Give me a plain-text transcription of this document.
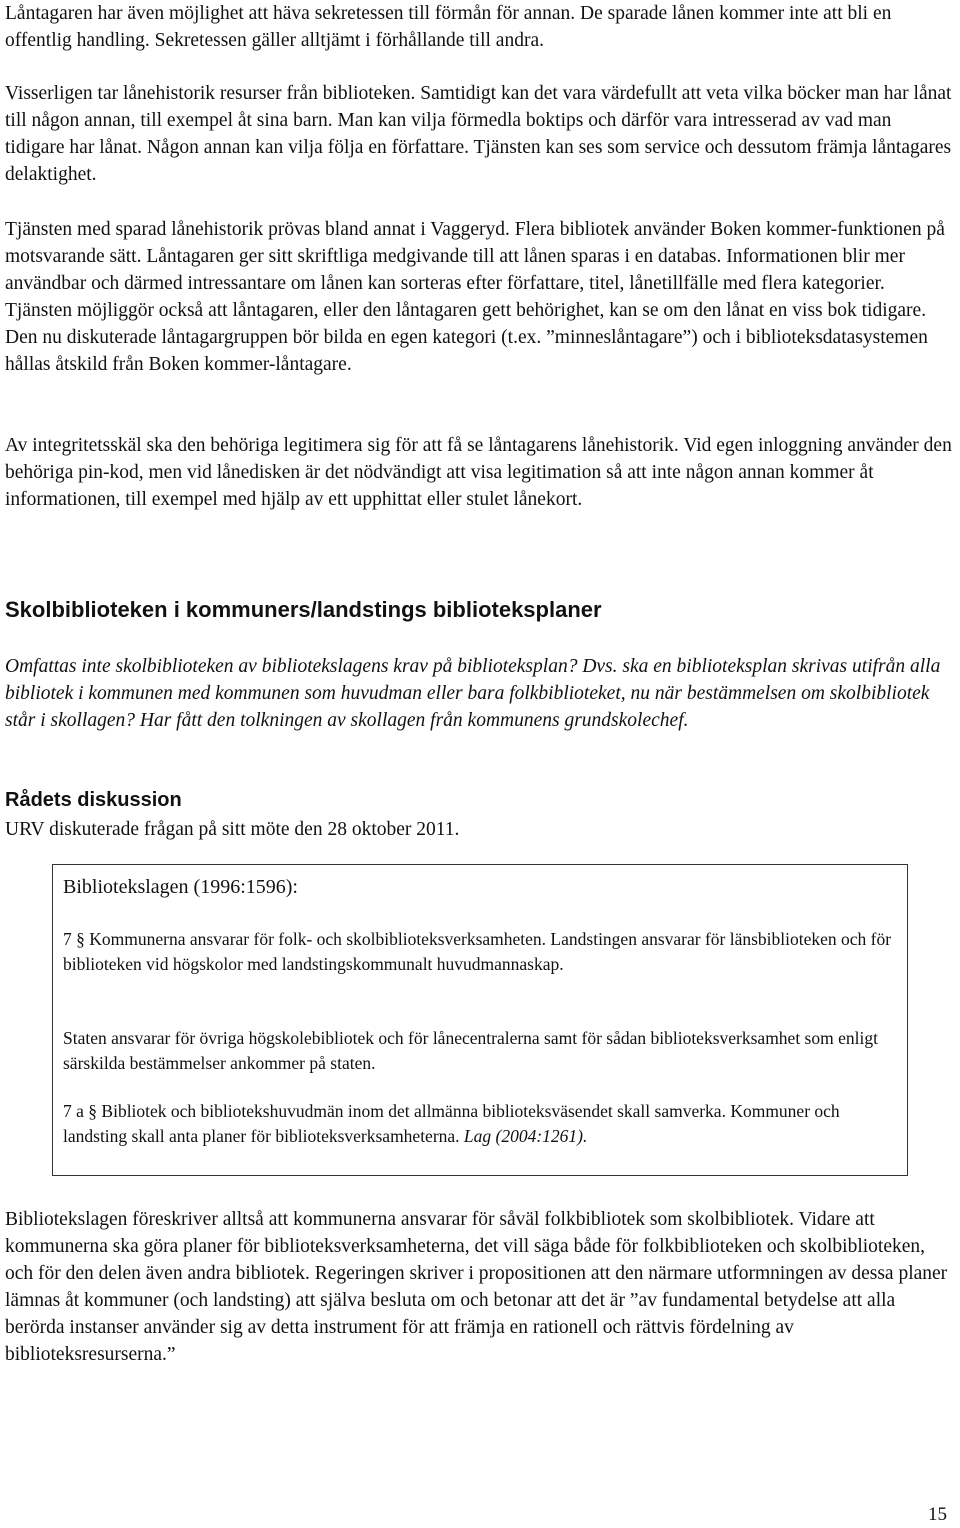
Låntagaren har även möjlighet att häva sekretessen till förmån för annan. De sparade lånen kommer inte att bli en offentlig handling. Sekretessen gäller alltjämt i förhållande till andra.

Visserligen tar lånehistorik resurser från biblioteken. Samtidigt kan det vara värdefullt att veta vilka böcker man har lånat till någon annan, till exempel åt sina barn. Man kan vilja förmedla boktips och därför vara intresserad av vad man tidigare har lånat. Någon annan kan vilja följa en författare. Tjänsten kan ses som service och dessutom främja låntagares delaktighet.

Tjänsten med sparad lånehistorik prövas bland annat i Vaggeryd. Flera bibliotek använder Boken kommer-funktionen på motsvarande sätt. Låntagaren ger sitt skriftliga medgivande till att lånen sparas i en databas. Informationen blir mer användbar och därmed intressantare om lånen kan sorteras efter författare, titel, lånetillfälle med flera kategorier. Tjänsten möjliggör också att låntagaren, eller den låntagaren gett behörighet, kan se om den lånat en viss bok tidigare. Den nu diskuterade låntagargruppen bör bilda en egen kategori (t.ex. ”minneslåntagare”) och i biblioteksdatasystemen hållas åtskild från Boken kommer-låntagare.

Av integritetsskäl ska den behöriga legitimera sig för att få se låntagarens lånehistorik. Vid egen inloggning använder den behöriga pin-kod, men vid lånedisken är det nödvändigt att visa legitimation så att inte någon annan kommer åt informationen, till exempel med hjälp av ett upphittat eller stulet lånekort.

Skolbiblioteken i kommuners/landstings biblioteksplaner

Omfattas inte skolbiblioteken av bibliotekslagens krav på biblioteksplan? Dvs. ska en biblioteksplan skrivas utifrån alla bibliotek i kommunen med kommunen som huvudman eller bara folkbiblioteket, nu när bestämmelsen om skolbibliotek står i skollagen? Har fått den tolkningen av skollagen från kommunens grundskolechef.

Rådets diskussion

URV diskuterade frågan på sitt möte den 28 oktober 2011.

Bibliotekslagen (1996:1596):

7 § Kommunerna ansvarar för folk- och skolbiblioteksverksamheten. Landstingen ansvarar för länsbiblioteken och för biblioteken vid högskolor med landstingskommunalt huvudmannaskap.

Staten ansvarar för övriga högskolebibliotek och för lånecentralerna samt för sådan biblioteksverksamhet som enligt särskilda bestämmelser ankommer på staten.

7 a § Bibliotek och bibliotekshuvudmän inom det allmänna biblioteksväsendet skall samverka. Kommuner och landsting skall anta planer för biblioteksverksamheterna. Lag (2004:1261).

Bibliotekslagen föreskriver alltså att kommunerna ansvarar för såväl folkbibliotek som skolbibliotek. Vidare att kommunerna ska göra planer för biblioteksverksamheterna, det vill säga både för folkbiblioteken och skolbiblioteken, och för den delen även andra bibliotek. Regeringen skriver i propositionen att den närmare utformningen av dessa planer lämnas åt kommuner (och landsting) att själva besluta om och betonar att det är ”av fundamental betydelse att alla berörda instanser använder sig av detta instrument för att främja en rationell och rättvis fördelning av biblioteksresurserna.”

15
